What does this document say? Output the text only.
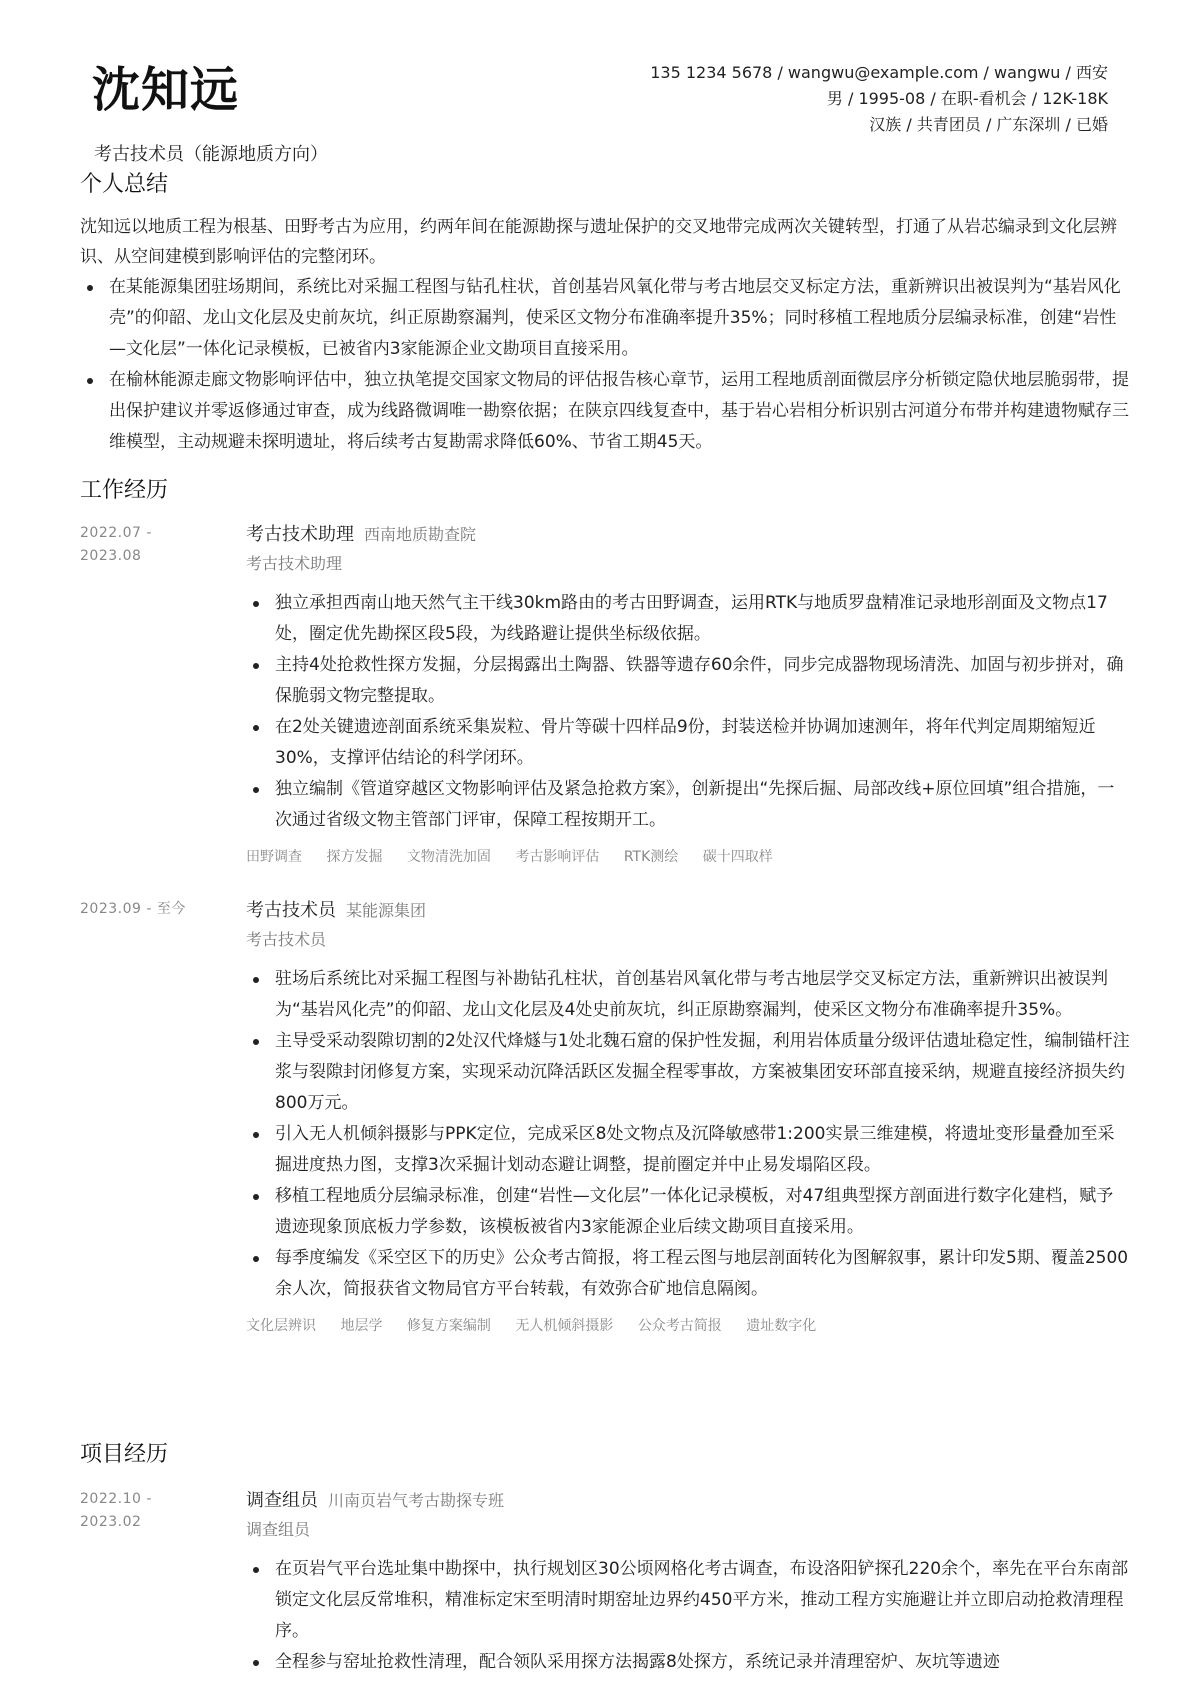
沈知远
考古技术员（能源地质方向）
135 1234 5678 / wangwu@example.com / wangwu / 西安
男 / 1995-08 / 在职-看机会 / 12K-18K
汉族 / 共青团员 / 广东深圳 / 已婚
个人总结
沈知远以地质工程为根基、田野考古为应用，约两年间在能源勘探与遗址保护的交叉地带完成两次关键转型，打通了从岩芯编录到文化层辨识、从空间建模到影响评估的完整闭环。
在某能源集团驻场期间，系统比对采掘工程图与钻孔柱状，首创基岩风氧化带与考古地层交叉标定方法，重新辨识出被误判为“基岩风化壳”的仰韶、龙山文化层及史前灰坑，纠正原勘察漏判，使采区文物分布准确率提升35%；同时移植工程地质分层编录标准，创建“岩性—文化层”一体化记录模板，已被省内3家能源企业文勘项目直接采用。
在榆林能源走廊文物影响评估中，独立执笔提交国家文物局的评估报告核心章节，运用工程地质剖面微层序分析锁定隐伏地层脆弱带，提出保护建议并零返修通过审查，成为线路微调唯一勘察依据；在陕京四线复查中，基于岩心岩相分析识别古河道分布带并构建遗物赋存三维模型，主动规避未探明遗址，将后续考古复勘需求降低60%、节省工期45天。
工作经历
2022.07 -
2023.08
考古技术助理 西南地质勘查院
考古技术助理
独立承担西南山地天然气主干线30km路由的考古田野调查，运用RTK与地质罗盘精准记录地形剖面及文物点17处，圈定优先勘探区段5段，为线路避让提供坐标级依据。
主持4处抢救性探方发掘，分层揭露出土陶器、铁器等遗存60余件，同步完成器物现场清洗、加固与初步拼对，确保脆弱文物完整提取。
在2处关键遗迹剖面系统采集炭粒、骨片等碳十四样品9份，封装送检并协调加速测年，将年代判定周期缩短近30%，支撑评估结论的科学闭环。
独立编制《管道穿越区文物影响评估及紧急抢救方案》，创新提出“先探后掘、局部改线+原位回填”组合措施，一次通过省级文物主管部门评审，保障工程按期开工。
田野调查 探方发掘 文物清洗加固 考古影响评估 RTK测绘 碳十四取样
2023.09 - 至今	考古技术员 某能源集团
考古技术员
驻场后系统比对采掘工程图与补勘钻孔柱状，首创基岩风氧化带与考古地层学交叉标定方法，重新辨识出被误判为“基岩风化壳”的仰韶、龙山文化层及4处史前灰坑，纠正原勘察漏判，使采区文物分布准确率提升35%。
主导受采动裂隙切割的2处汉代烽燧与1处北魏石窟的保护性发掘，利用岩体质量分级评估遗址稳定性，编制锚杆注浆与裂隙封闭修复方案，实现采动沉降活跃区发掘全程零事故，方案被集团安环部直接采纳，规避直接经济损失约800万元。
引入无人机倾斜摄影与PPK定位，完成采区8处文物点及沉降敏感带1:200实景三维建模，将遗址变形量叠加至采掘进度热力图，支撑3次采掘计划动态避让调整，提前圈定并中止易发塌陷区段。
移植工程地质分层编录标准，创建“岩性—文化层”一体化记录模板，对47组典型探方剖面进行数字化建档，赋予遗迹现象顶底板力学参数，该模板被省内3家能源企业后续文勘项目直接采用。
每季度编发《采空区下的历史》公众考古简报，将工程云图与地层剖面转化为图解叙事，累计印发5期、覆盖2500余人次，简报获省文物局官方平台转载，有效弥合矿地信息隔阂。
文化层辨识 地层学 修复方案编制 无人机倾斜摄影 公众考古简报 遗址数字化
项目经历
2022.10 -
2023.02
调查组员 川南页岩气考古勘探专班
调查组员
在页岩气平台选址集中勘探中，执行规划区30公顷网格化考古调查，布设洛阳铲探孔220余个，率先在平台东南部锁定文化层反常堆积，精准标定宋至明清时期窑址边界约450平方米，推动工程方实施避让并立即启动抢救清理程序。
全程参与窑址抢救性清理，配合领队采用探方法揭露8处探方，系统记录并清理窑炉、灰坑等遗迹
